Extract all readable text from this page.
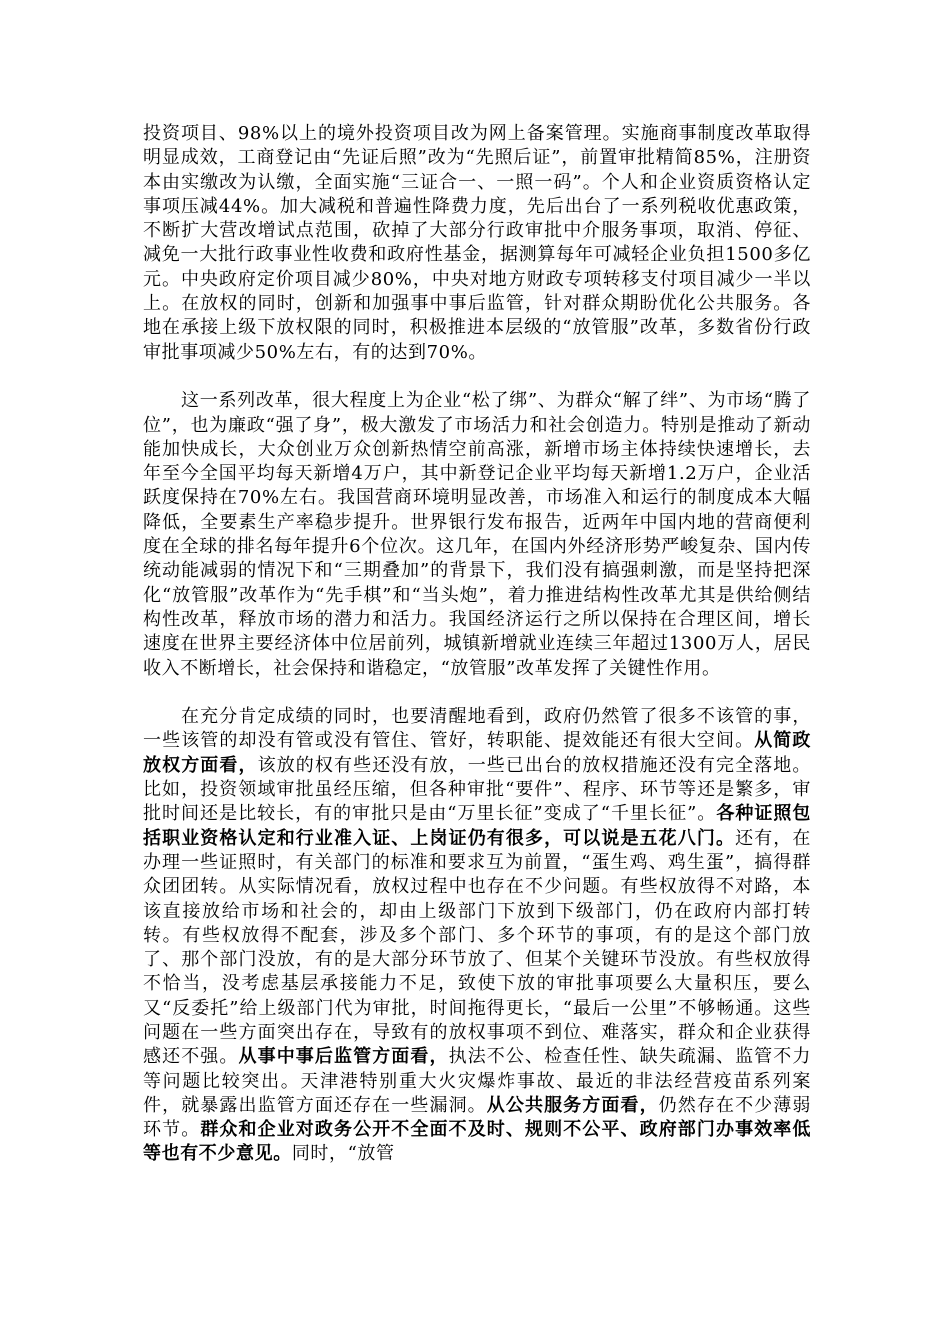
投资项目、98%以上的境外投资项目改为网上备案管理。实施商事制度改革取得明显成效，工商登记由“先证后照”改为“先照后证”，前置审批精简85%，注册资本由实缴改为认缴，全面实施“三证合一、一照一码”。个人和企业资质资格认定事项压减44%。加大减税和普遍性降费力度，先后出台了一系列税收优惠政策，不断扩大营改增试点范围，砍掉了大部分行政审批中介服务事项，取消、停征、减免一大批行政事业性收费和政府性基金，据测算每年可减轻企业负担1500多亿元。中央政府定价项目减少80%，中央对地方财政专项转移支付项目减少一半以上。在放权的同时，创新和加强事中事后监管，针对群众期盼优化公共服务。各地在承接上级下放权限的同时，积极推进本层级的“放管服”改革，多数省份行政审批事项减少50%左右，有的达到70%。

这一系列改革，很大程度上为企业“松了绑”、为群众“解了绊”、为市场“腾了位”，也为廉政“强了身”，极大激发了市场活力和社会创造力。特别是推动了新动能加快成长，大众创业万众创新热情空前高涨，新增市场主体持续快速增长，去年至今全国平均每天新增4万户，其中新登记企业平均每天新增1.2万户，企业活跃度保持在70%左右。我国营商环境明显改善，市场准入和运行的制度成本大幅降低，全要素生产率稳步提升。世界银行发布报告，近两年中国内地的营商便利度在全球的排名每年提升6个位次。这几年，在国内外经济形势严峻复杂、国内传统动能减弱的情况下和“三期叠加”的背景下，我们没有搞强刺激，而是坚持把深化“放管服”改革作为“先手棋”和“当头炮”，着力推进结构性改革尤其是供给侧结构性改革，释放市场的潜力和活力。我国经济运行之所以保持在合理区间，增长速度在世界主要经济体中位居前列，城镇新增就业连续三年超过1300万人，居民收入不断增长，社会保持和谐稳定，“放管服”改革发挥了关键性作用。

在充分肯定成绩的同时，也要清醒地看到，政府仍然管了很多不该管的事，一些该管的却没有管或没有管住、管好，转职能、提效能还有很大空间。从简政放权方面看，该放的权有些还没有放，一些已出台的放权措施还没有完全落地。比如，投资领域审批虽经压缩，但各种审批“要件”、程序、环节等还是繁多，审批时间还是比较长，有的审批只是由“万里长征”变成了“千里长征”。各种证照包括职业资格认定和行业准入证、上岗证仍有很多，可以说是五花八门。还有，在办理一些证照时，有关部门的标准和要求互为前置，“蛋生鸡、鸡生蛋”，搞得群众团团转。从实际情况看，放权过程中也存在不少问题。有些权放得不对路，本该直接放给市场和社会的，却由上级部门下放到下级部门，仍在政府内部打转转。有些权放得不配套，涉及多个部门、多个环节的事项，有的是这个部门放了、那个部门没放，有的是大部分环节放了、但某个关键环节没放。有些权放得不恰当，没考虑基层承接能力不足，致使下放的审批事项要么大量积压，要么又“反委托”给上级部门代为审批，时间拖得更长，“最后一公里”不够畅通。这些问题在一些方面突出存在，导致有的放权事项不到位、难落实，群众和企业获得感还不强。从事中事后监管方面看，执法不公、检查任性、缺失疏漏、监管不力等问题比较突出。天津港特别重大火灾爆炸事故、最近的非法经营疫苗系列案件，就暴露出监管方面还存在一些漏洞。从公共服务方面看，仍然存在不少薄弱环节。群众和企业对政务公开不全面不及时、规则不公平、政府部门办事效率低等也有不少意见。同时，“放管
